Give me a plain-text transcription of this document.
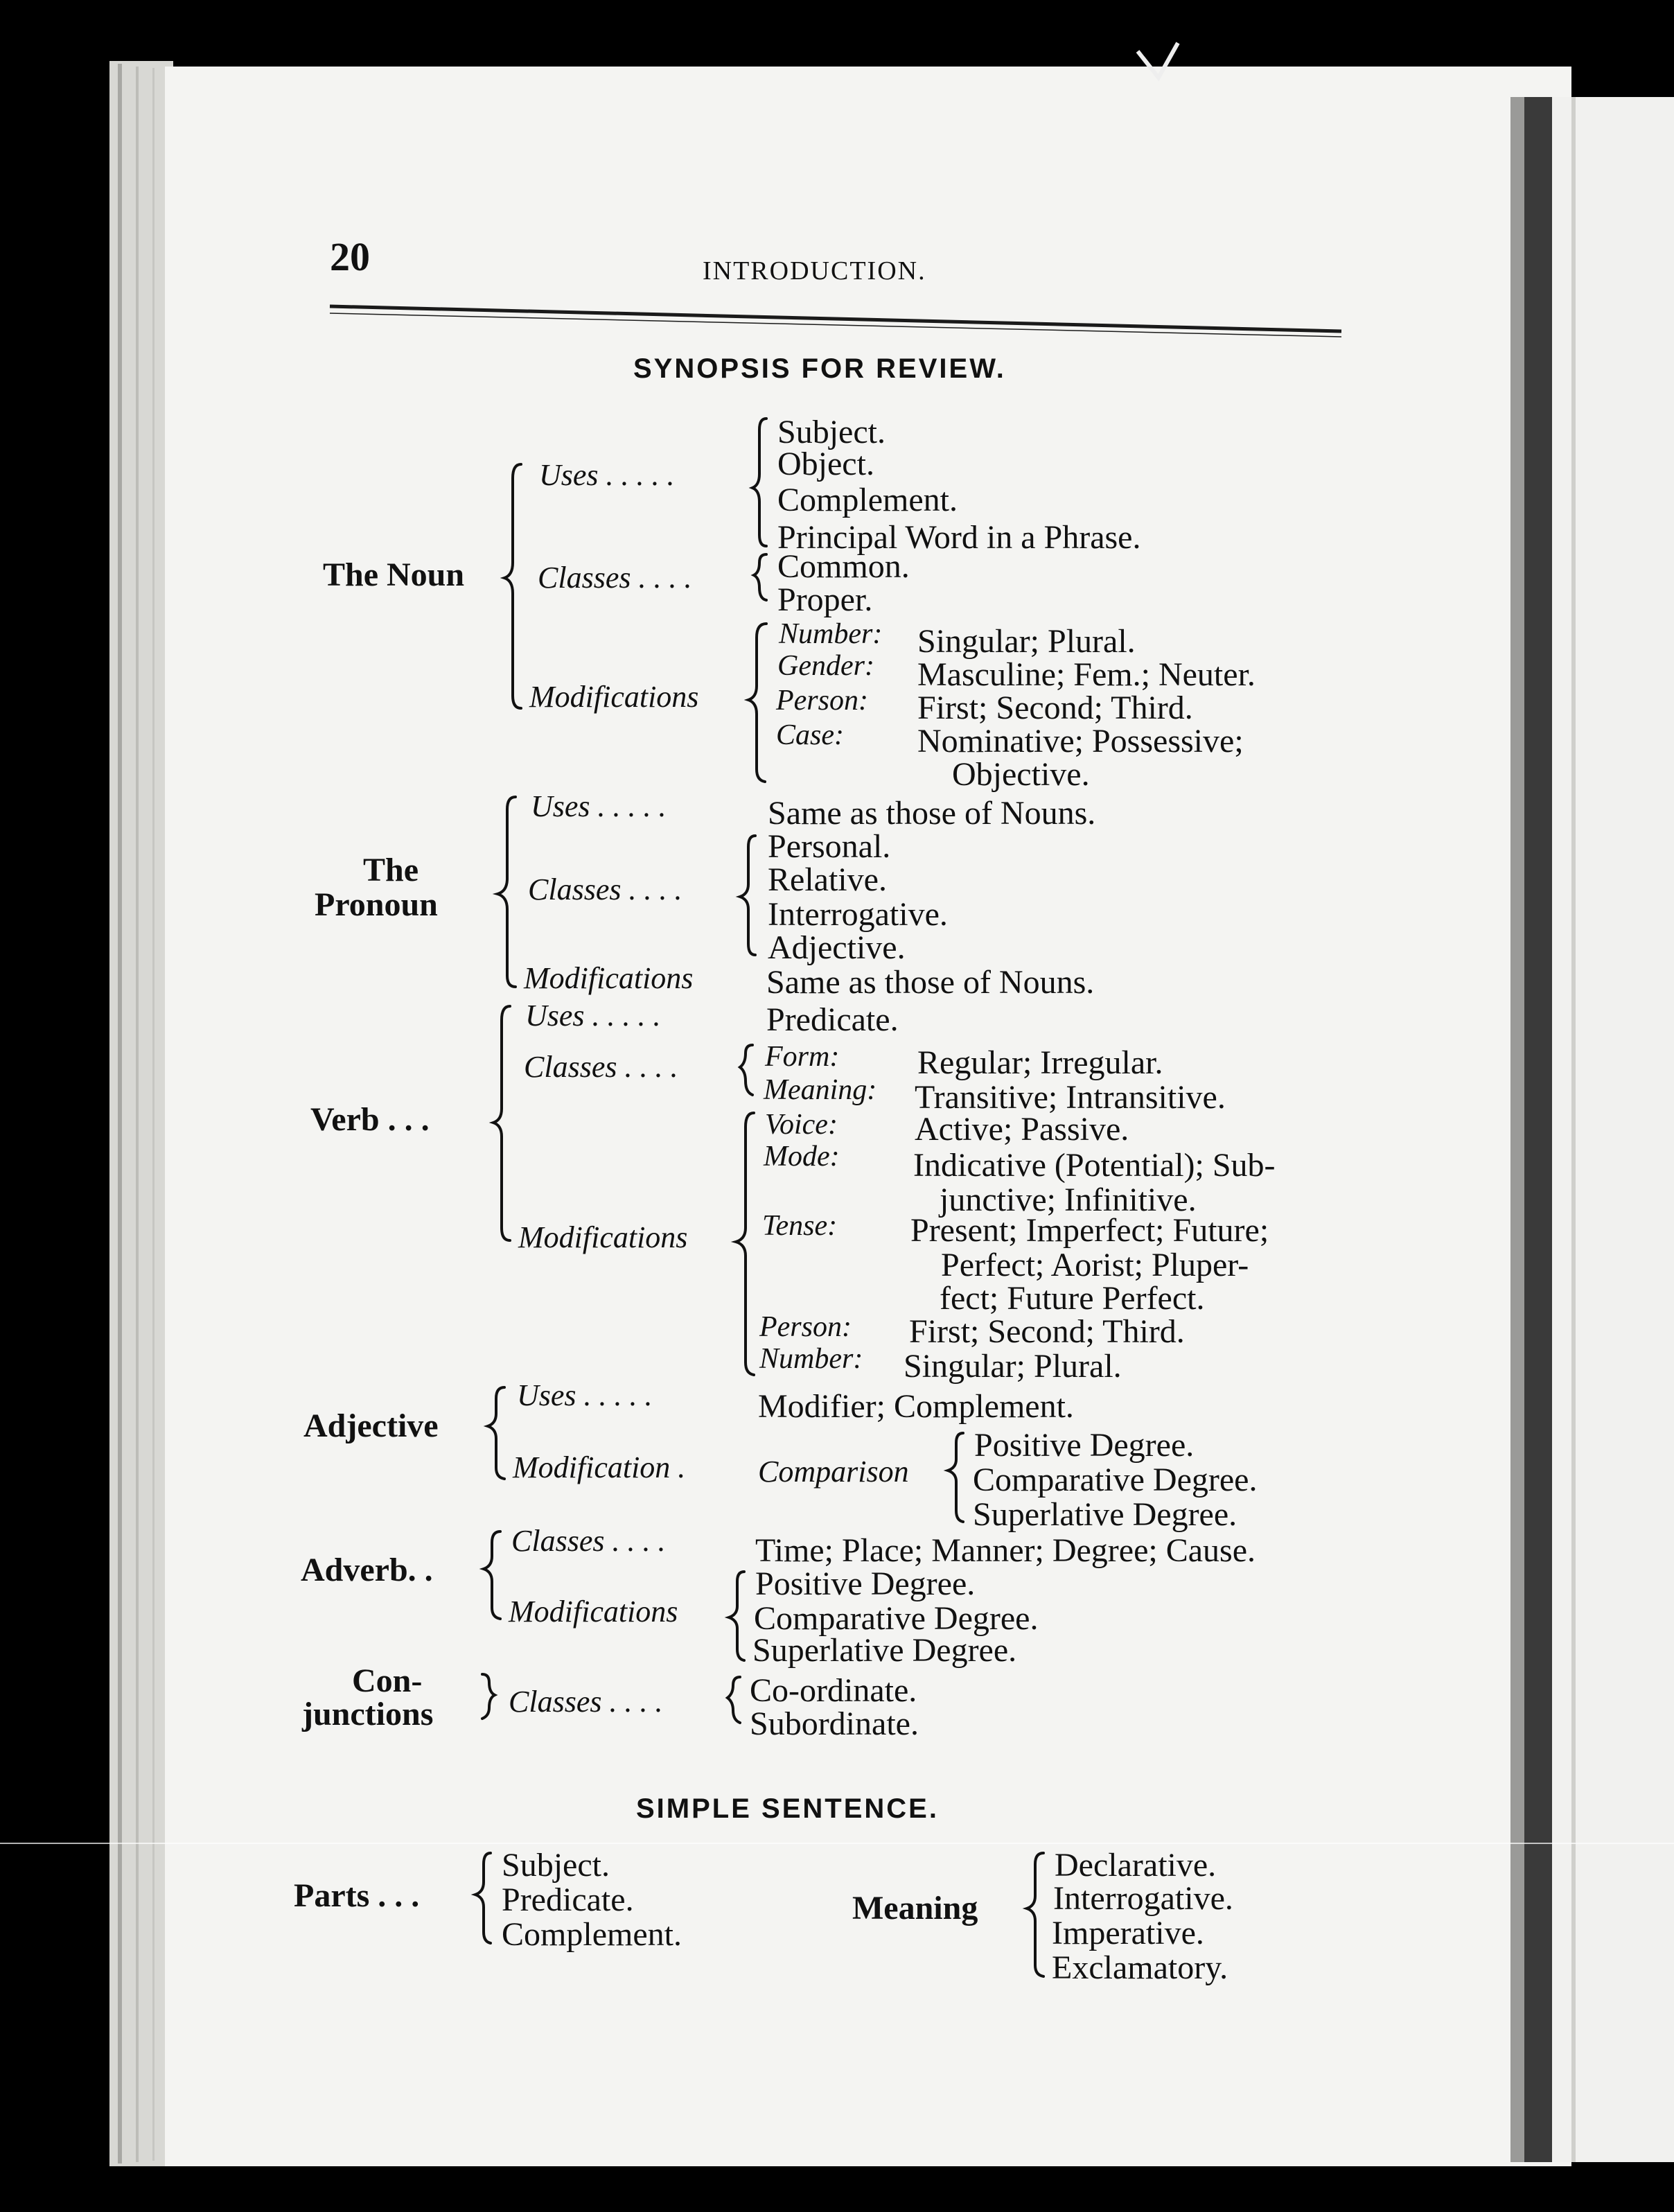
20	INTRODUCTION.
SYNOPSIS FOR REVIEW.
The Noun
Uses . . . . .
Subject.
Object.
Complement.
Principal Word in a Phrase.
Classes . . . .	Common.
Proper.
Modifications
Number: Singular; Plural.
Gender: Masculine; Fem.; Neuter.
Person: First; Second; Third.
Case: Nominative; Possessive;
Objective.
The
Pronoun
Uses . . . . .	Same as those of Nouns.
Classes . . . .
Personal.
Relative.
Interrogative.
Adjective.
Modifications Same as those of Nouns.
Verb . . .
Uses . . . . .	Predicate.
Classes . . . .	Form: Regular; Irregular.
Meaning: Transitive; Intransitive.
Modifications
Voice: Active; Passive.
Mode: Indicative (Potential); Sub-
junctive; Infinitive.
Tense: Present; Imperfect; Future;
Perfect; Aorist; Pluper-
fect; Future Perfect.
Person: First; Second; Third.
Number: Singular; Plural.
Adjective
Uses . . . . .	Modifier; Complement.
Modification . Comparison
Positive Degree.
Comparative Degree.
Superlative Degree.
Adverb. .
Classes . . . .	Time; Place; Manner; Degree; Cause.
Modifications
Positive Degree.
Comparative Degree.
Superlative Degree.
Con-
junctions Classes . . . .	Co-ordinate.
Subordinate.
SIMPLE SENTENCE.
Parts . . .
Subject.
Predicate.
Complement.
Meaning
Declarative.
Interrogative.
Imperative.
Exclamatory.
